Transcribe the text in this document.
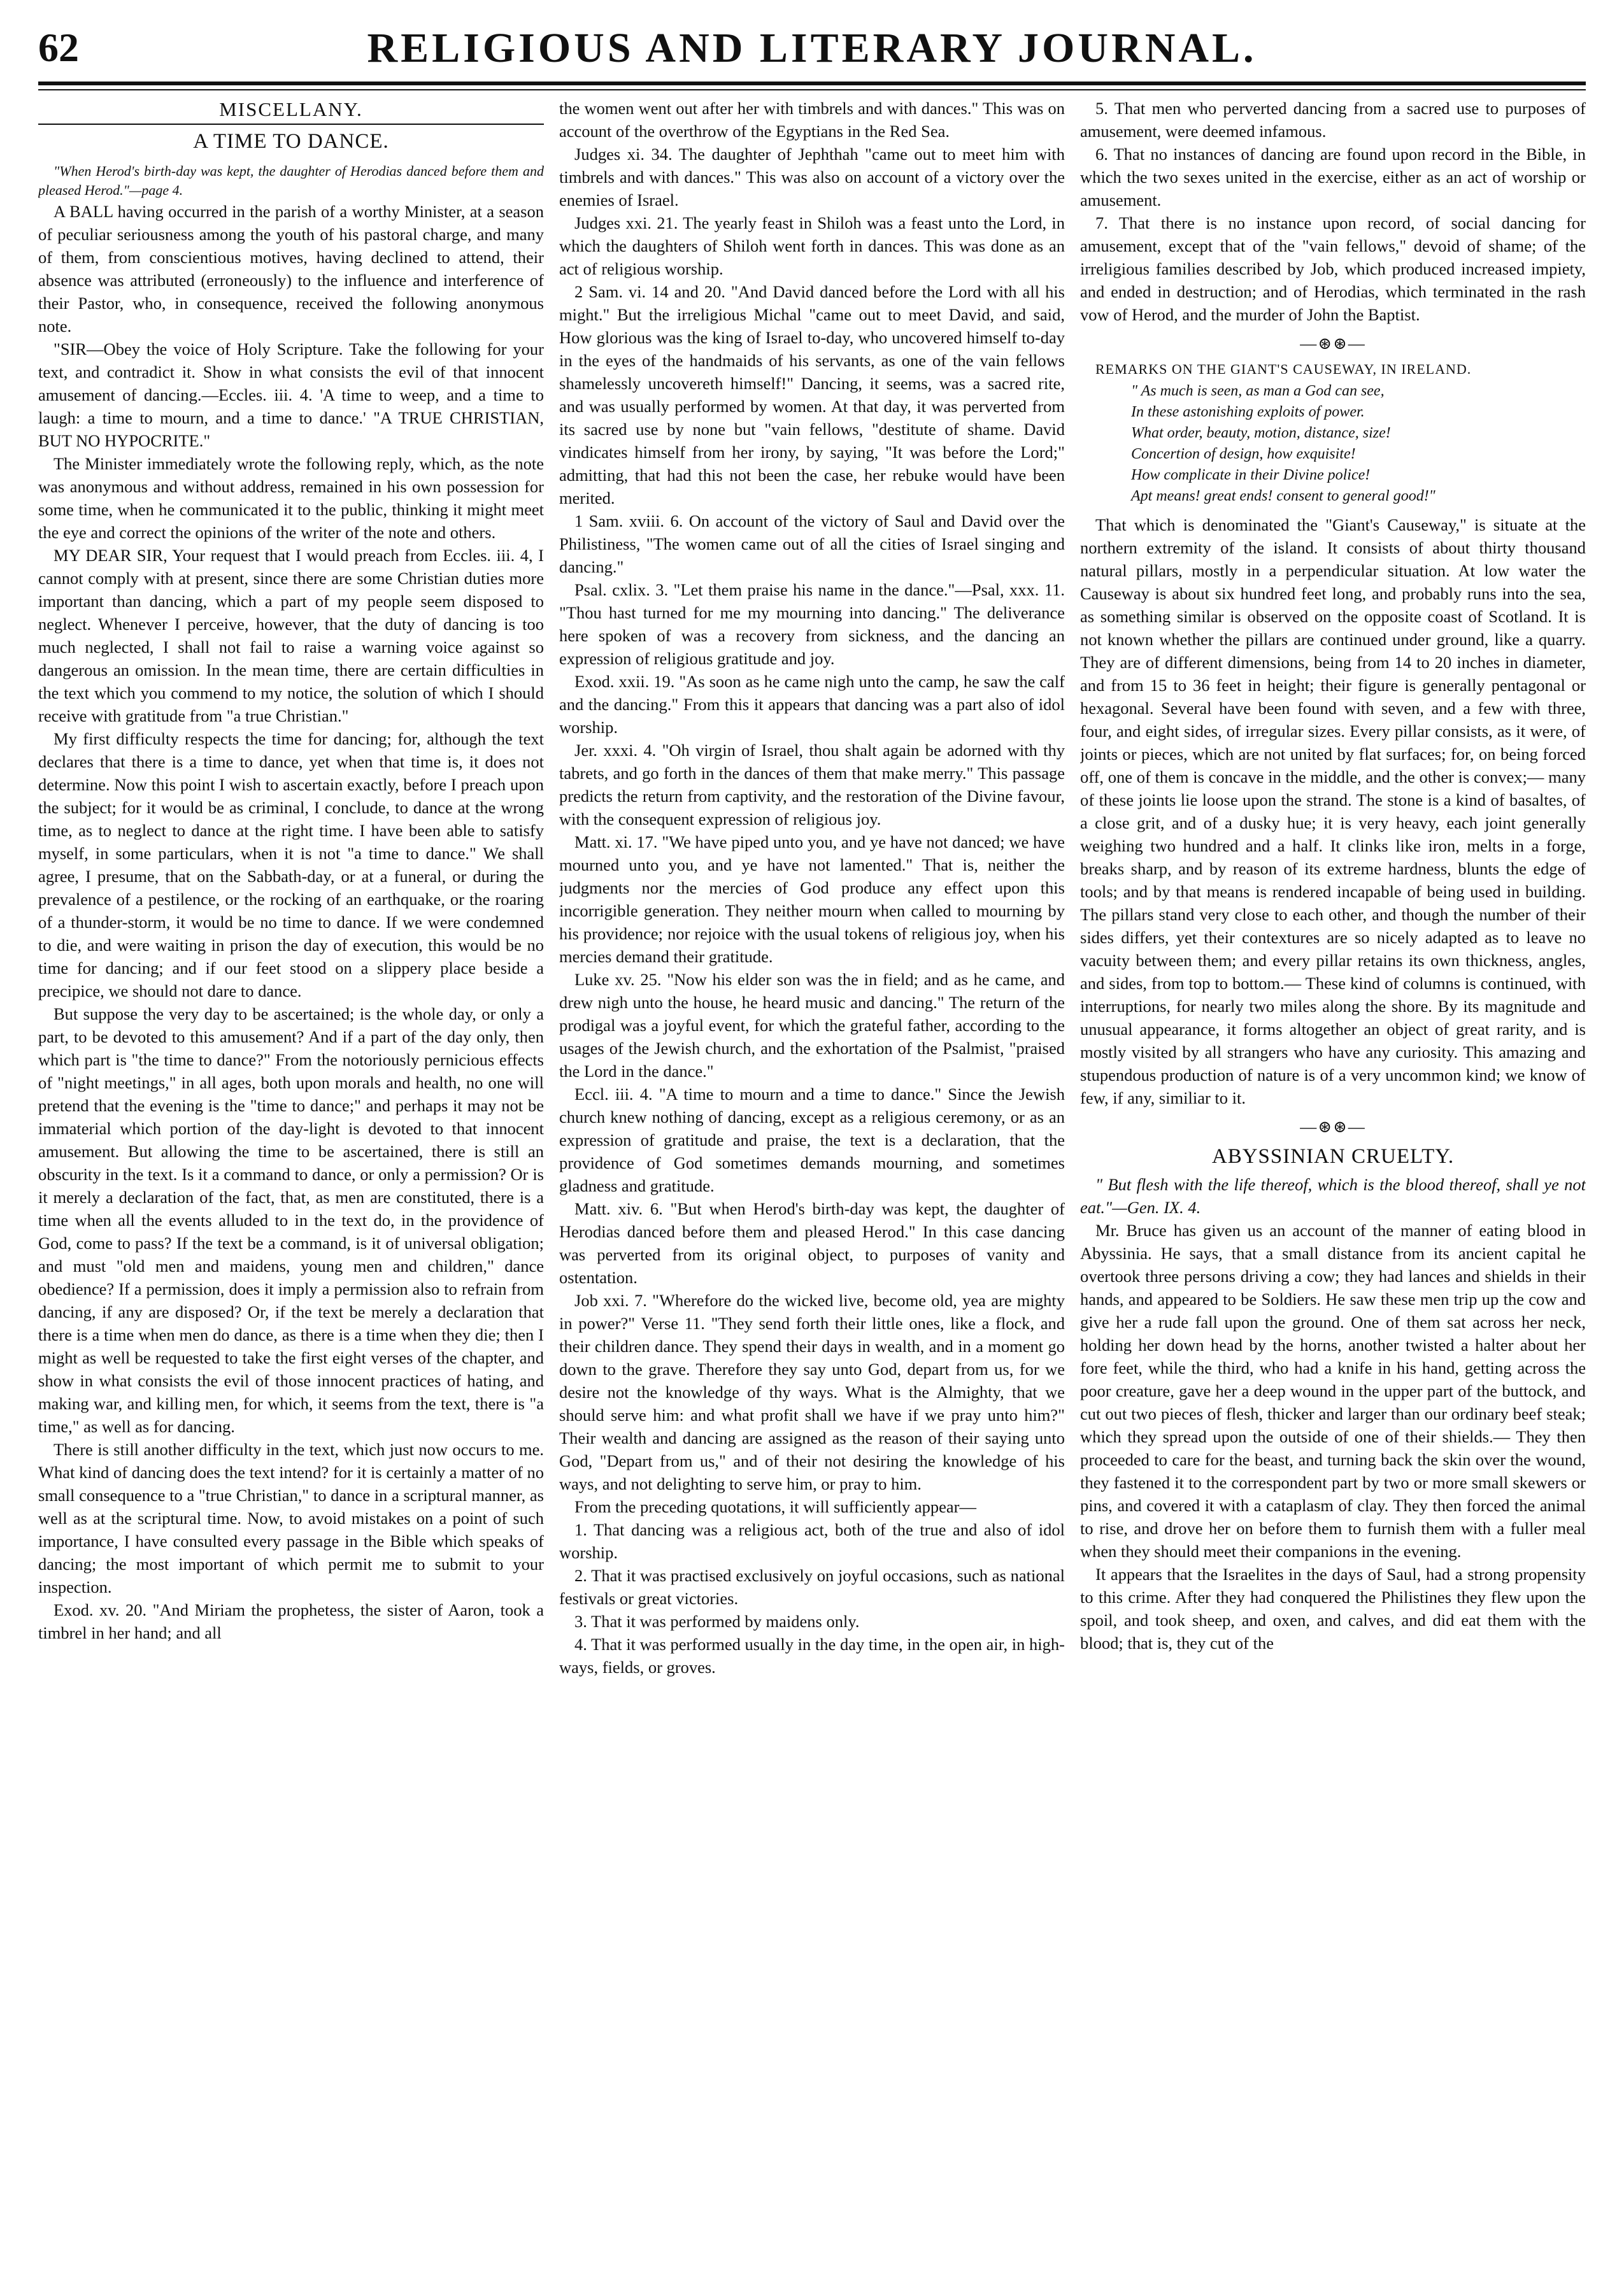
62	RELIGIOUS AND LITERARY JOURNAL.
MISCELLANY.
A TIME TO DANCE.

"When Herod's birth-day was kept, the daughter of Herodias danced before them and pleased Herod."—page 4.

A BALL having occurred in the parish of a worthy Minister, at a season of peculiar seriousness among the youth of his pastoral charge, and many of them, from conscientious motives, having declined to attend, their absence was attributed (erroneously) to the influence and interference of their Pastor, who, in consequence, received the following anonymous note.

"SIR—Obey the voice of Holy Scripture. Take the following for your text, and contradict it. Show in what consists the evil of that innocent amusement of dancing.—Eccles. iii. 4. 'A time to weep, and a time to laugh: a time to mourn, and a time to dance.' "A TRUE CHRISTIAN, BUT NO HYPOCRITE."

The Minister immediately wrote the following reply, which, as the note was anonymous and without address, remained in his own possession for some time, when he communicated it to the public, thinking it might meet the eye and correct the opinions of the writer of the note and others.

MY DEAR SIR, Your request that I would preach from Eccles. iii. 4, I cannot comply with at present, since there are some Christian duties more important than dancing, which a part of my people seem disposed to neglect. Whenever I perceive, however, that the duty of dancing is too much neglected, I shall not fail to raise a warning voice against so dangerous an omission. In the mean time, there are certain difficulties in the text which you commend to my notice, the solution of which I should receive with gratitude from "a true Christian."

My first difficulty respects the time for dancing; for, although the text declares that there is a time to dance, yet when that time is, it does not determine. Now this point I wish to ascertain exactly, before I preach upon the subject; for it would be as criminal, I conclude, to dance at the wrong time, as to neglect to dance at the right time. I have been able to satisfy myself, in some particulars, when it is not "a time to dance." We shall agree, I presume, that on the Sabbath-day, or at a funeral, or during the prevalence of a pestilence, or the rocking of an earthquake, or the roaring of a thunder-storm, it would be no time to dance. If we were condemned to die, and were waiting in prison the day of execution, this would be no time for dancing; and if our feet stood on a slippery place beside a precipice, we should not dare to dance.

But suppose the very day to be ascertained; is the whole day, or only a part, to be devoted to this amusement? And if a part of the day only, then which part is "the time to dance?" From the notoriously pernicious effects of "night meetings," in all ages, both upon morals and health, no one will pretend that the evening is the "time to dance;" and perhaps it may not be immaterial which portion of the day-light is devoted to that innocent amusement. But allowing the time to be ascertained, there is still an obscurity in the text. Is it a command to dance, or only a permission? Or is it merely a declaration of the fact, that, as men are constituted, there is a time when all the events alluded to in the text do, in the providence of God, come to pass? If the text be a command, is it of universal obligation; and must "old men and maidens, young men and children," dance obedience? If a permission, does it imply a permission also to refrain from dancing, if any are disposed? Or, if the text be merely a declaration that there is a time when men do dance, as there is a time when they die; then I might as well be requested to take the first eight verses of the chapter, and show in what consists the evil of those innocent practices of hating, and making war, and killing men, for which, it seems from the text, there is "a time," as well as for dancing.

There is still another difficulty in the text, which just now occurs to me. What kind of dancing does the text intend? for it is certainly a matter of no small consequence to a "true Christian," to dance in a scriptural manner, as well as at the scriptural time. Now, to avoid mistakes on a point of such importance, I have consulted every passage in the Bible which speaks of dancing; the most important of which permit me to submit to your inspection.

Exod. xv. 20. "And Miriam the prophetess, the sister of Aaron, took a timbrel in her hand; and all

the women went out after her with timbrels and with dances." This was on account of the overthrow of the Egyptians in the Red Sea.

Judges xi. 34. The daughter of Jephthah "came out to meet him with timbrels and with dances." This was also on account of a victory over the enemies of Israel.

Judges xxi. 21. The yearly feast in Shiloh was a feast unto the Lord, in which the daughters of Shiloh went forth in dances. This was done as an act of religious worship.

2 Sam. vi. 14 and 20. "And David danced before the Lord with all his might." But the irreligious Michal "came out to meet David, and said, How glorious was the king of Israel to-day, who uncovered himself to-day in the eyes of the handmaids of his servants, as one of the vain fellows shamelessly uncovereth himself!" Dancing, it seems, was a sacred rite, and was usually performed by women. At that day, it was perverted from its sacred use by none but "vain fellows, "destitute of shame. David vindicates himself from her irony, by saying, "It was before the Lord;" admitting, that had this not been the case, her rebuke would have been merited.

1 Sam. xviii. 6. On account of the victory of Saul and David over the Philistiness, "The women came out of all the cities of Israel singing and dancing."

Psal. cxlix. 3. "Let them praise his name in the dance."—Psal, xxx. 11. "Thou hast turned for me my mourning into dancing." The deliverance here spoken of was a recovery from sickness, and the dancing an expression of religious gratitude and joy.

Exod. xxii. 19. "As soon as he came nigh unto the camp, he saw the calf and the dancing." From this it appears that dancing was a part also of idol worship.

Jer. xxxi. 4. "Oh virgin of Israel, thou shalt again be adorned with thy tabrets, and go forth in the dances of them that make merry." This passage predicts the return from captivity, and the restoration of the Divine favour, with the consequent expression of religious joy.

Matt. xi. 17. "We have piped unto you, and ye have not danced; we have mourned unto you, and ye have not lamented." That is, neither the judgments nor the mercies of God produce any effect upon this incorrigible generation. They neither mourn when called to mourning by his providence; nor rejoice with the usual tokens of religious joy, when his mercies demand their gratitude.

Luke xv. 25. "Now his elder son was the in field; and as he came, and drew nigh unto the house, he heard music and dancing." The return of the prodigal was a joyful event, for which the grateful father, according to the usages of the Jewish church, and the exhortation of the Psalmist, "praised the Lord in the dance."

Eccl. iii. 4. "A time to mourn and a time to dance." Since the Jewish church knew nothing of dancing, except as a religious ceremony, or as an expression of gratitude and praise, the text is a declaration, that the providence of God sometimes demands mourning, and sometimes gladness and gratitude.

Matt. xiv. 6. "But when Herod's birth-day was kept, the daughter of Herodias danced before them and pleased Herod." In this case dancing was perverted from its original object, to purposes of vanity and ostentation.

Job xxi. 7. "Wherefore do the wicked live, become old, yea are mighty in power?" Verse 11. "They send forth their little ones, like a flock, and their children dance. They spend their days in wealth, and in a moment go down to the grave. Therefore they say unto God, depart from us, for we desire not the knowledge of thy ways. What is the Almighty, that we should serve him: and what profit shall we have if we pray unto him?" Their wealth and dancing are assigned as the reason of their saying unto God, "Depart from us," and of their not desiring the knowledge of his ways, and not delighting to serve him, or pray to him.

From the preceding quotations, it will sufficiently appear—

1. That dancing was a religious act, both of the true and also of idol worship.

2. That it was practised exclusively on joyful occasions, such as national festivals or great victories.

3. That it was performed by maidens only.

4. That it was performed usually in the day time, in the open air, in high-ways, fields, or groves.

5. That men who perverted dancing from a sacred use to purposes of amusement, were deemed infamous.

6. That no instances of dancing are found upon record in the Bible, in which the two sexes united in the exercise, either as an act of worship or amusement.

7. That there is no instance upon record, of social dancing for amusement, except that of the "vain fellows," devoid of shame; of the irreligious families described by Job, which produced increased impiety, and ended in destruction; and of Herodias, which terminated in the rash vow of Herod, and the murder of John the Baptist.

—⊛⊛—

REMARKS ON THE GIANT'S CAUSEWAY, IN IRELAND.

" As much is seen, as man a God can see,
In these astonishing exploits of power.
What order, beauty, motion, distance, size!
Concertion of design, how exquisite!
How complicate in their Divine police!
Apt means! great ends! consent to general good!"

That which is denominated the "Giant's Causeway," is situate at the northern extremity of the island. It consists of about thirty thousand natural pillars, mostly in a perpendicular situation. At low water the Causeway is about six hundred feet long, and probably runs into the sea, as something similar is observed on the opposite coast of Scotland. It is not known whether the pillars are continued under ground, like a quarry. They are of different dimensions, being from 14 to 20 inches in diameter, and from 15 to 36 feet in height; their figure is generally pentagonal or hexagonal. Several have been found with seven, and a few with three, four, and eight sides, of irregular sizes. Every pillar consists, as it were, of joints or pieces, which are not united by flat surfaces; for, on being forced off, one of them is concave in the middle, and the other is convex;— many of these joints lie loose upon the strand. The stone is a kind of basaltes, of a close grit, and of a dusky hue; it is very heavy, each joint generally weighing two hundred and a half. It clinks like iron, melts in a forge, breaks sharp, and by reason of its extreme hardness, blunts the edge of tools; and by that means is rendered incapable of being used in building. The pillars stand very close to each other, and though the number of their sides differs, yet their contextures are so nicely adapted as to leave no vacuity between them; and every pillar retains its own thickness, angles, and sides, from top to bottom.— These kind of columns is continued, with interruptions, for nearly two miles along the shore. By its magnitude and unusual appearance, it forms altogether an object of great rarity, and is mostly visited by all strangers who have any curiosity. This amazing and stupendous production of nature is of a very uncommon kind; we know of few, if any, similiar to it.

—⊛⊛—
ABYSSINIAN CRUELTY.

" But flesh with the life thereof, which is the blood thereof, shall ye not eat."—Gen. IX. 4.

Mr. Bruce has given us an account of the manner of eating blood in Abyssinia. He says, that a small distance from its ancient capital he overtook three persons driving a cow; they had lances and shields in their hands, and appeared to be Soldiers. He saw these men trip up the cow and give her a rude fall upon the ground. One of them sat across her neck, holding her down head by the horns, another twisted a halter about her fore feet, while the third, who had a knife in his hand, getting across the poor creature, gave her a deep wound in the upper part of the buttock, and cut out two pieces of flesh, thicker and larger than our ordinary beef steak; which they spread upon the outside of one of their shields.— They then proceeded to care for the beast, and turning back the skin over the wound, they fastened it to the correspondent part by two or more small skewers or pins, and covered it with a cataplasm of clay. They then forced the animal to rise, and drove her on before them to furnish them with a fuller meal when they should meet their companions in the evening.

It appears that the Israelites in the days of Saul, had a strong propensity to this crime. After they had conquered the Philistines they flew upon the spoil, and took sheep, and oxen, and calves, and did eat them with the blood; that is, they cut of the
